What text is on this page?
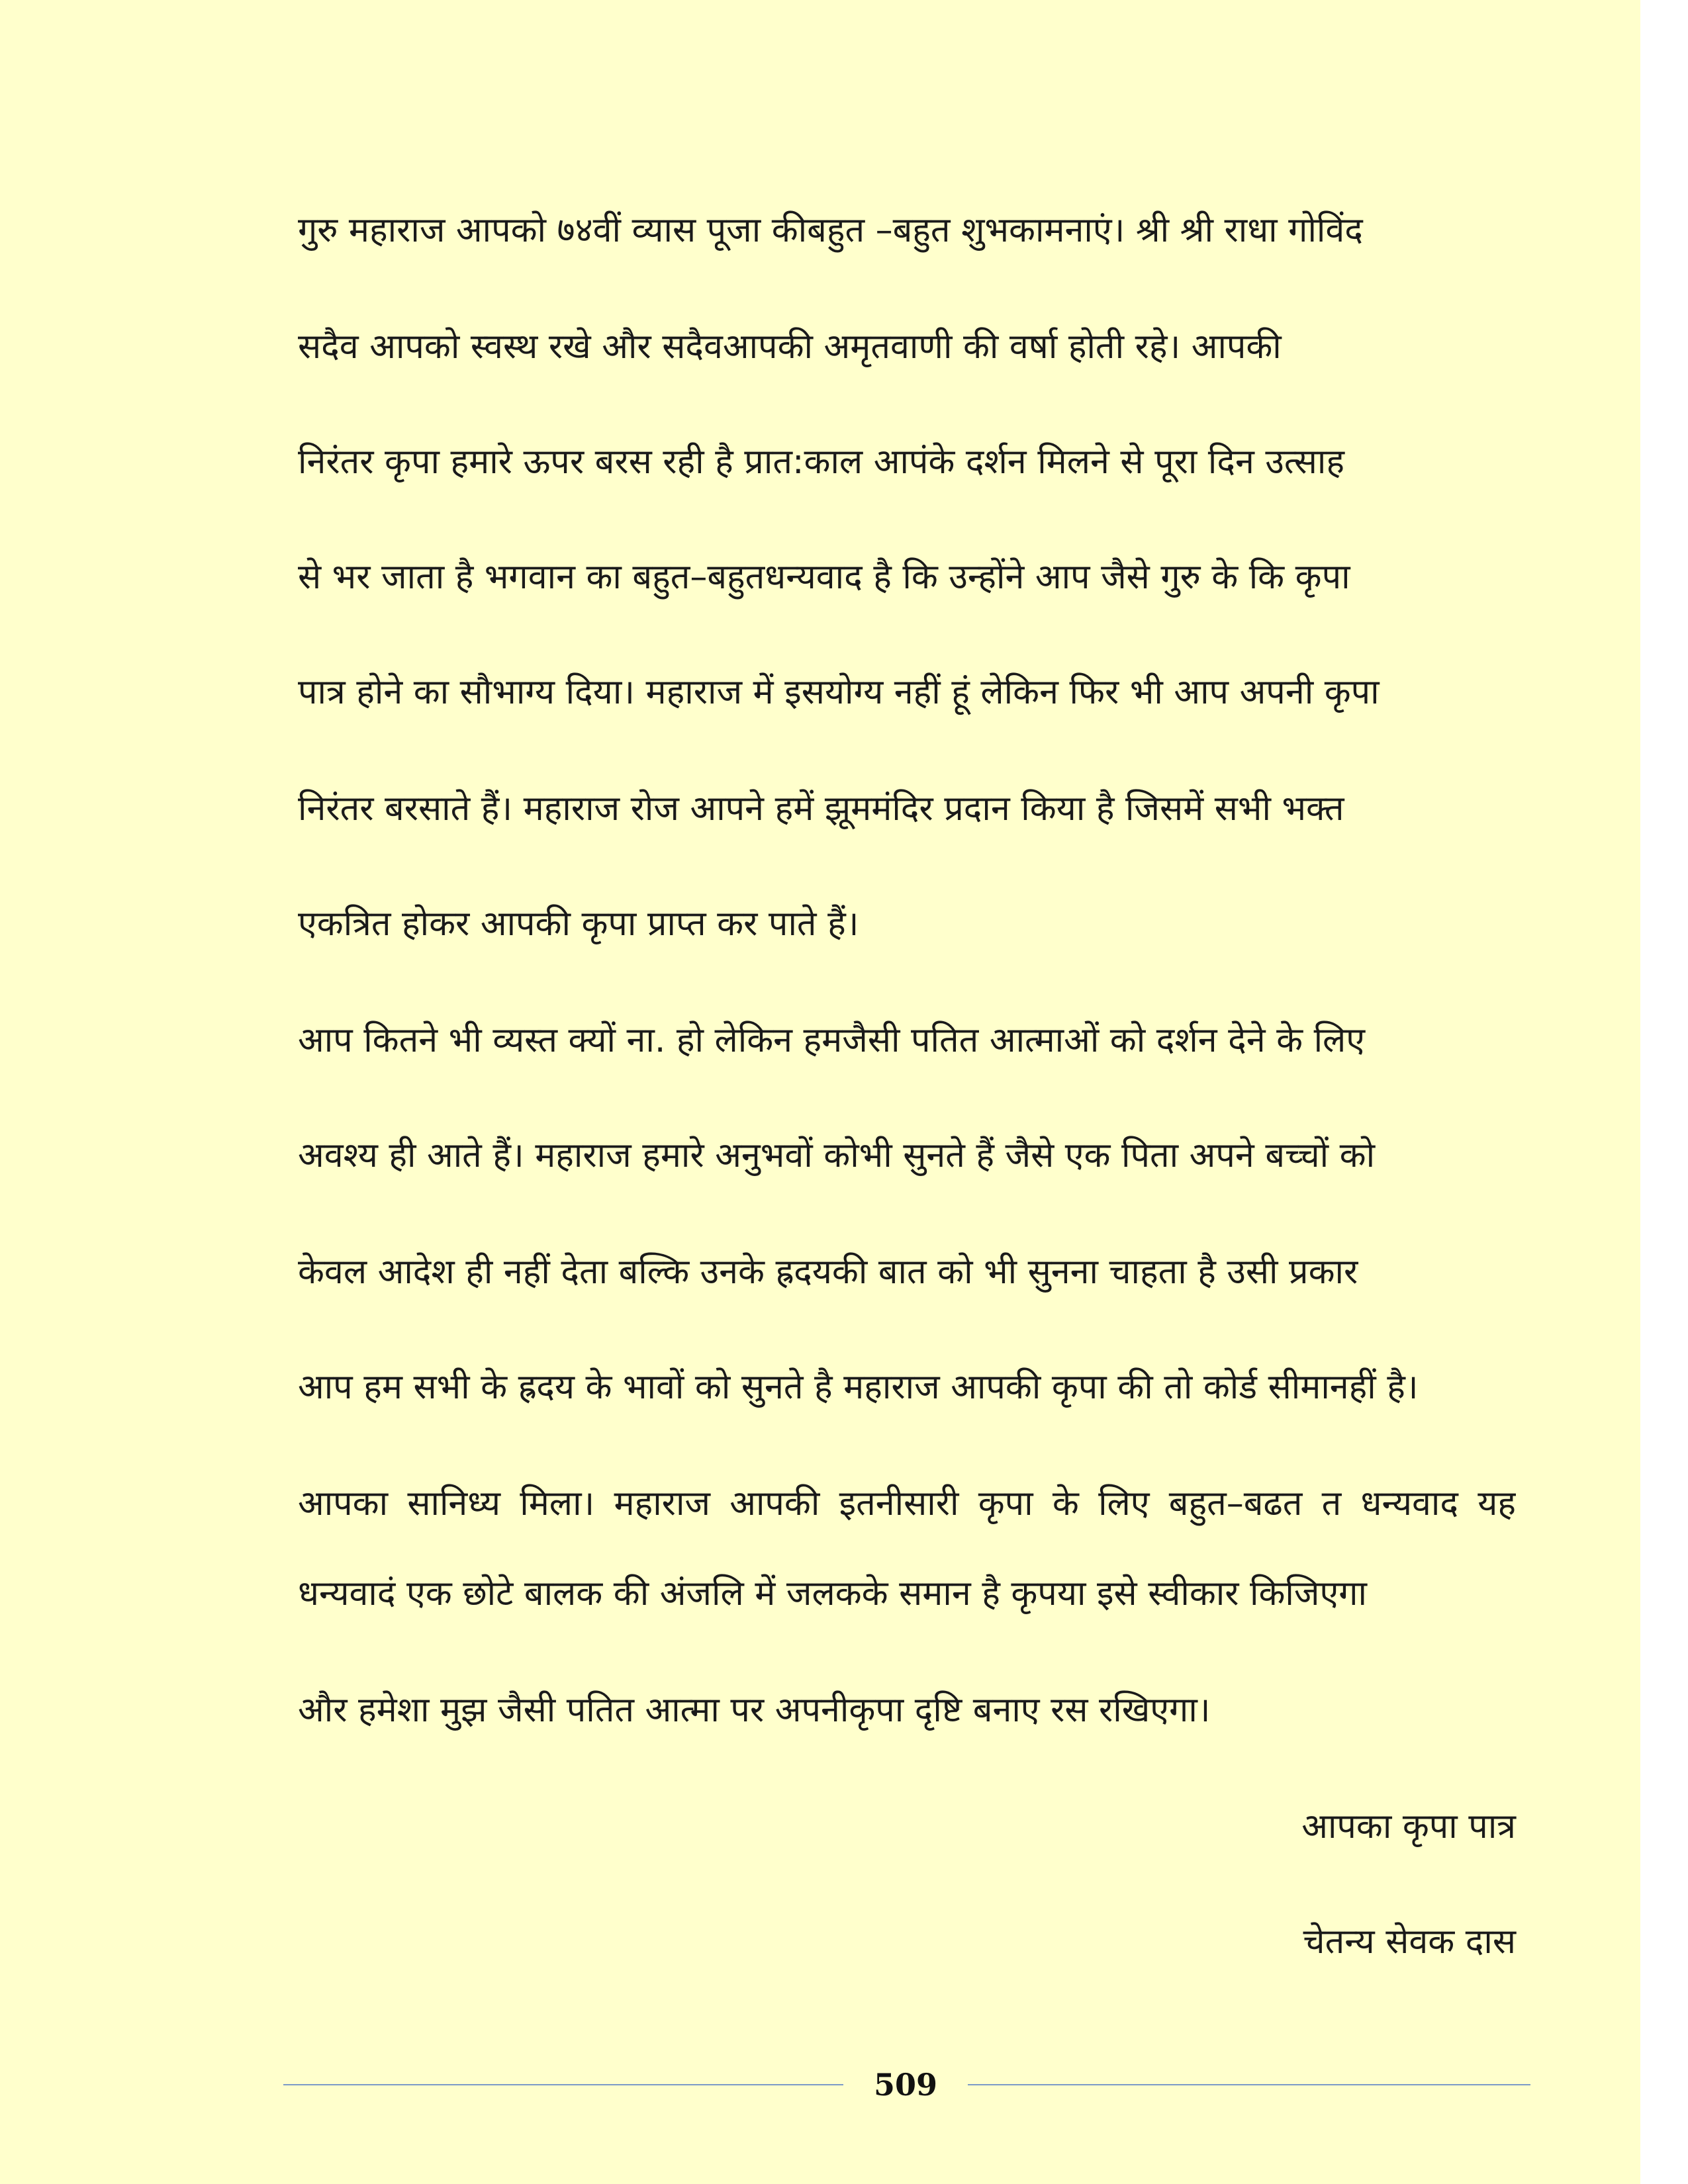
गुरु महाराज आपको ७४वीं व्यास पूजा कीबहुत –बहुत शुभकामनाएं। श्री श्री राधा गोविंद
सदैव आपको स्वस्थ रखे और सदैवआपकी अमृतवाणी की वर्षा होती रहे। आपकी
निरंतर कृपा हमारे ऊपर बरस रही है प्रात:काल आपंके दर्शन मिलने से पूरा दिन उत्साह
से भर जाता है भगवान का बहुत–बहुतधन्यवाद है कि उन्होंने आप जैसे गुरु के कि कृपा
पात्र होने का सौभाग्य दिया। महाराज में इसयोग्य नहीं हूं लेकिन फिर भी आप अपनी कृपा
निरंतर बरसाते हैं। महाराज रोज आपने हमें झूममंदिर प्रदान किया है जिसमें सभी भक्त
एकत्रित होकर आपकी कृपा प्राप्त कर पाते हैं।
आप कितने भी व्यस्त क्यों ना. हो लेकिन हमजैसी पतित आत्माओं को दर्शन देने के लिए
अवश्य ही आते हैं। महाराज हमारे अनुभवों कोभी सुनते हैं जैसे एक पिता अपने बच्चों को
केवल आदेश ही नहीं देता बल्कि उनके ह्रदयकी बात को भी सुनना चाहता है उसी प्रकार
आप हम सभी के ह्रदय के भावों को सुनते है महाराज आपकी कृपा की तो कोर्ड सीमानहीं है।
आपका सानिध्य मिला। महाराज आपकी इतनीसारी कृपा के लिए बहुत–बढत त धन्यवाद यह
धन्यवादं एक छोटे बालक की अंजलि में जलकके समान है कृपया इसे स्वीकार किजिएगा
और हमेशा मुझ जैसी पतित आत्मा पर अपनीकृपा दृष्टि बनाए रस रखिएगा।
आपका कृपा पात्र
चेतन्य सेवक दास
509
